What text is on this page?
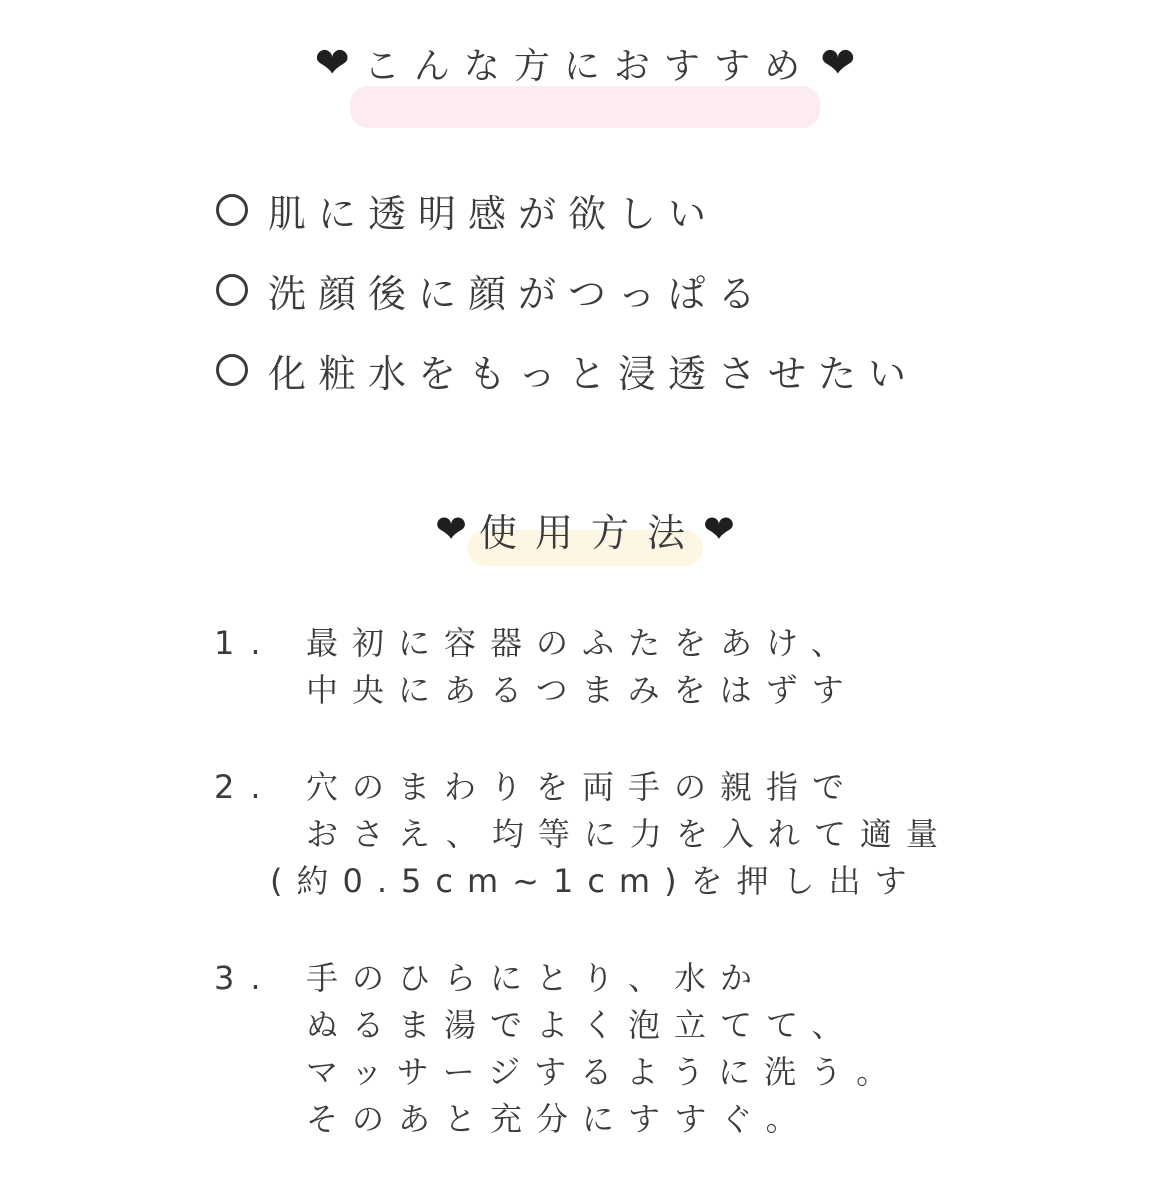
❤ こんな方におすすめ ❤
肌に透明感が欲しい
洗顔後に顔がつっぱる
化粧水をもっと浸透させたい
❤ 使用方法 ❤
1. 最初に容器のふたをあけ、
中央にあるつまみをはずす
2. 穴のまわりを両手の親指で
おさえ、均等に力を入れて適量
(約0.5cm~1cm)を押し出す
3. 手のひらにとり、水か
ぬるま湯でよく泡立てて、
マッサージするように洗う。
そのあと充分にすすぐ。
